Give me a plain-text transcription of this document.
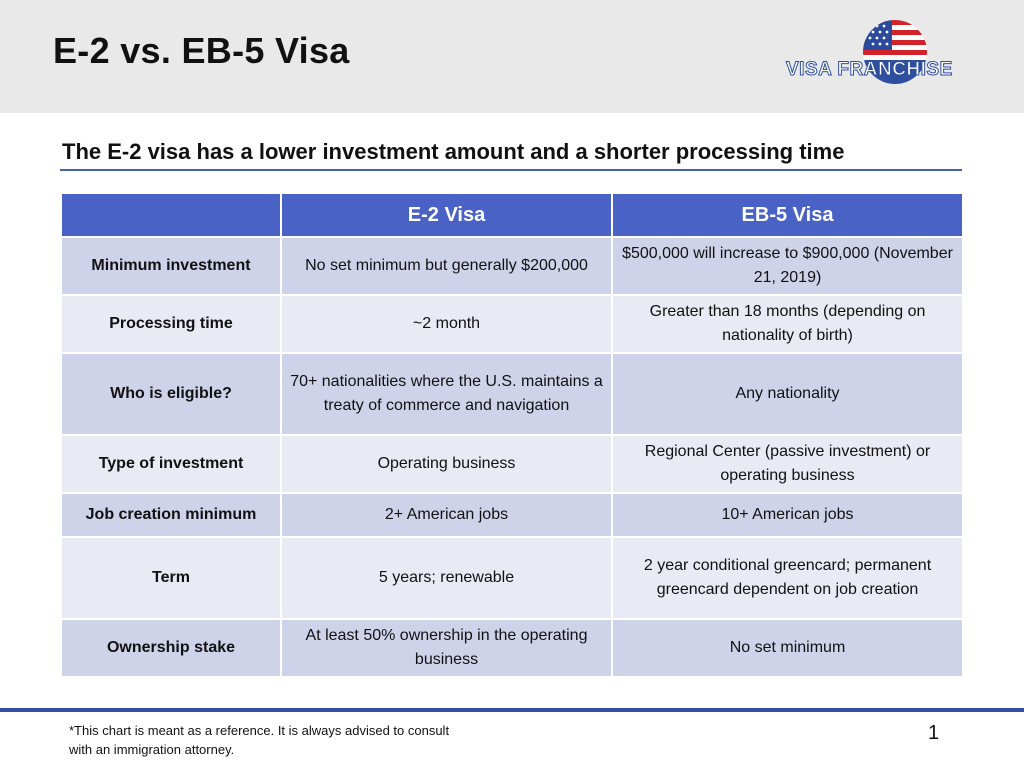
E-2 vs. EB-5 Visa	VISA FRANCHISE
The E-2 visa has a lower investment amount and a shorter processing time
	E-2 Visa	EB-5 Visa
Minimum investment	No set minimum but generally $200,000	$500,000 will increase to $900,000 (November 21, 2019)
Processing time	~2 month	Greater than 18 months (depending on nationality of birth)
Who is eligible?	70+ nationalities where the U.S. maintains a treaty of commerce and navigation	Any nationality
Type of investment	Operating business	Regional Center (passive investment) or operating business
Job creation minimum	2+ American jobs	10+ American jobs
Term	5 years; renewable	2 year conditional greencard; permanent greencard dependent on job creation
Ownership stake	At least 50% ownership in the operating business	No set minimum
*This chart is meant as a reference. It is always advised to consult with an immigration attorney.
1
